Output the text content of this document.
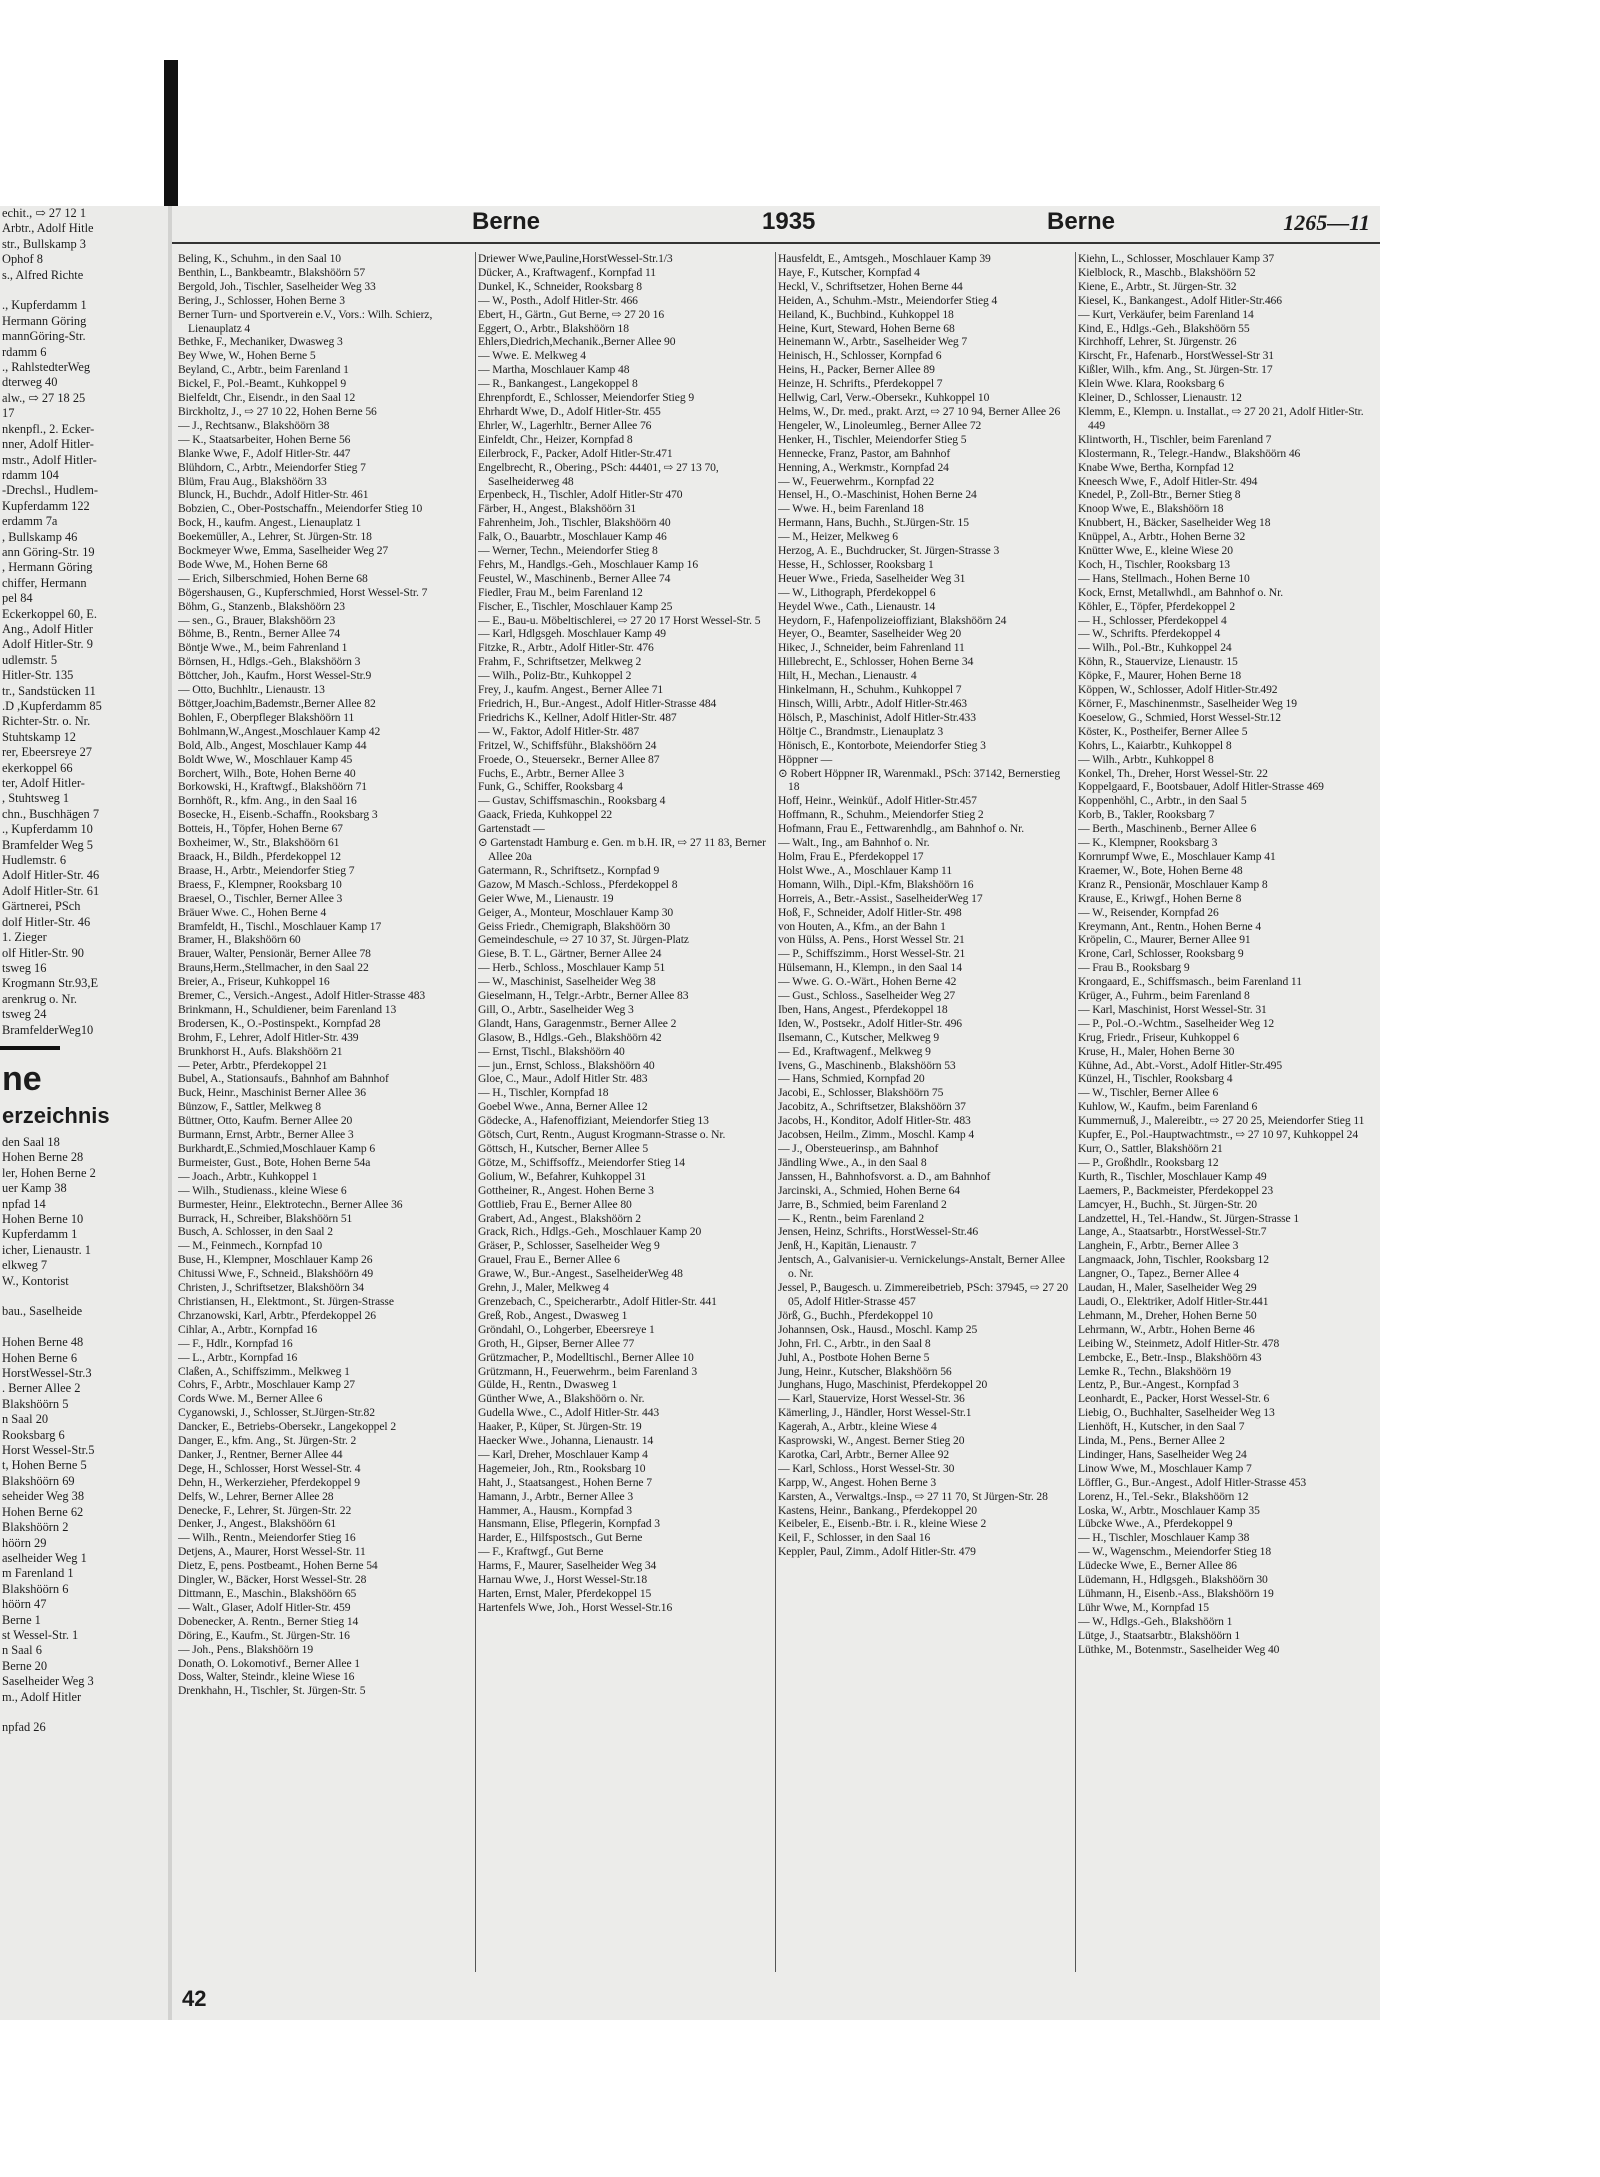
echit., ⇨ 27 12 1
Arbtr., Adolf Hitle
str., Bullskamp 3
Ophof 8
s., Alfred Richte

., Kupferdamm 1
Hermann Göring
mannGöring-Str.
rdamm 6
., RahlstedterWeg
dterweg 40
alw., ⇨ 27 18 25
17
nkenpfl., 2. Ecker-
nner, Adolf Hitler-
mstr., Adolf Hitler-
rdamm 104
-Drechsl., Hudlem-
Kupferdamm 122
erdamm 7a
, Bullskamp 46
ann Göring-Str. 19
, Hermann Göring
chiffer, Hermann
pel 84
Eckerkoppel 60, E.
Ang., Adolf Hitler
Adolf Hitler-Str. 9
udlemstr. 5
Hitler-Str. 135
tr., Sandstücken 11
.D ,Kupferdamm 85
Richter-Str. o. Nr.
Stuhtskamp 12
rer, Ebeersreye 27
ekerkoppel 66
ter, Adolf Hitler-
, Stuhtsweg 1
chn., Buschhägen 7
., Kupferdamm 10
Bramfelder Weg 5
Hudlemstr. 6
Adolf Hitler-Str. 46
Adolf Hitler-Str. 61
Gärtnerei, PSch
dolf Hitler-Str. 46
1. Zieger
olf Hitler-Str. 90
tsweg 16
Krogmann Str.93,E
arenkrug o. Nr.
tsweg 24
BramfelderWeg10
ne
erzeichnis
den Saal 18
Hohen Berne 28
ler, Hohen Berne 2
uer Kamp 38
npfad 14
Hohen Berne 10
Kupferdamm 1
icher, Lienaustr. 1
elkweg 7
W., Kontorist

bau., Saselheide

Hohen Berne 48
Hohen Berne 6
HorstWessel-Str.3
. Berner Allee 2
Blakshöörn 5
n Saal 20
Rooksbarg 6
Horst Wessel-Str.5
t, Hohen Berne 5
Blakshöörn 69
seheider Weg 38
Hohen Berne 62
Blakshöörn 2
höörn 29
aselheider Weg 1
m Farenland 1
Blakshöörn 6
höörn 47
Berne 1
st Wessel-Str. 1
n Saal 6
Berne 20
Saselheider Weg 3
m., Adolf Hitler

npfad 26
Berne	1935	Berne	1265—11
Beling, K., Schuhm., in den Saal 10
Benthin, L., Bankbeamtr., Blakshöörn 57
Bergold, Joh., Tischler, Saselheider Weg 33
Bering, J., Schlosser, Hohen Berne 3
Berner Turn- und Sportverein e.V., Vors.: Wilh. Schierz, Lienauplatz 4
Bethke, F., Mechaniker, Dwasweg 3
Bey Wwe, W., Hohen Berne 5
Beyland, C., Arbtr., beim Farenland 1
Bickel, F., Pol.-Beamt., Kuhkoppel 9
Bielfeldt, Chr., Eisendr., in den Saal 12
Birckholtz, J., ⇨ 27 10 22, Hohen Berne 56
— J., Rechtsanw., Blakshöörn 38
— K., Staatsarbeiter, Hohen Berne 56
Blanke Wwe, F., Adolf Hitler-Str. 447
Blühdorn, C., Arbtr., Meiendorfer Stieg 7
Blüm, Frau Aug., Blakshöörn 33
Blunck, H., Buchdr., Adolf Hitler-Str. 461
Bobzien, C., Ober-Postschaffn., Meiendorfer Stieg 10
Bock, H., kaufm. Angest., Lienauplatz 1
Boekemüller, A., Lehrer, St. Jürgen-Str. 18
Bockmeyer Wwe, Emma, Saselheider Weg 27
Bode Wwe, M., Hohen Berne 68
— Erich, Silberschmied, Hohen Berne 68
Bögershausen, G., Kupferschmied, Horst Wessel-Str. 7
Böhm, G., Stanzenb., Blakshöörn 23
— sen., G., Brauer, Blakshöörn 23
Böhme, B., Rentn., Berner Allee 74
Böntje Wwe., M., beim Fahrenland 1
Börnsen, H., Hdlgs.-Geh., Blakshöörn 3
Böttcher, Joh., Kaufm., Horst Wessel-Str.9
— Otto, Buchhltr., Lienaustr. 13
Böttger,Joachim,Bademstr.,Berner Allee 82
Bohlen, F., Oberpfleger Blakshöörn 11
Bohlmann,W.,Angest.,Moschlauer Kamp 42
Bold, Alb., Angest, Moschlauer Kamp 44
Boldt Wwe, W., Moschlauer Kamp 45
Borchert, Wilh., Bote, Hohen Berne 40
Borkowski, H., Kraftwgf., Blakshöörn 71
Bornhöft, R., kfm. Ang., in den Saal 16
Bosecke, H., Eisenb.-Schaffn., Rooksbarg 3
Botteis, H., Töpfer, Hohen Berne 67
Boxheimer, W., Str., Blakshöörn 61
Braack, H., Bildh., Pferdekoppel 12
Braase, H., Arbtr., Meiendorfer Stieg 7
Braess, F., Klempner, Rooksbarg 10
Braesel, O., Tischler, Berner Allee 3
Bräuer Wwe. C., Hohen Berne 4
Bramfeldt, H., Tischl., Moschlauer Kamp 17
Bramer, H., Blakshöörn 60
Brauer, Walter, Pensionär, Berner Allee 78
Brauns,Herm.,Stellmacher, in den Saal 22
Breier, A., Friseur, Kuhkoppel 16
Bremer, C., Versich.-Angest., Adolf Hitler-Strasse 483
Brinkmann, H., Schuldiener, beim Farenland 13
Brodersen, K., O.-Postinspekt., Kornpfad 28
Brohm, F., Lehrer, Adolf Hitler-Str. 439
Brunkhorst H., Aufs. Blakshöörn 21
— Peter, Arbtr., Pferdekoppel 21
Bubel, A., Stationsaufs., Bahnhof am Bahnhof
Buck, Heinr., Maschinist Berner Allee 36
Bünzow, F., Sattler, Melkweg 8
Büttner, Otto, Kaufm. Berner Allee 20
Burmann, Ernst, Arbtr., Berner Allee 3
Burkhardt,E.,Schmied,Moschlauer Kamp 6
Burmeister, Gust., Bote, Hohen Berne 54a
— Joach., Arbtr., Kuhkoppel 1
— Wilh., Studienass., kleine Wiese 6
Burmester, Heinr., Elektrotechn., Berner Allee 36
Burrack, H., Schreiber, Blakshöörn 51
Busch, A. Schlosser, in den Saal 2
— M., Feinmech., Kornpfad 10
Buse, H., Klempner, Moschlauer Kamp 26
Chitussi Wwe, F., Schneid., Blakshöörn 49
Christen, J., Schriftsetzer, Blakshöörn 34
Christiansen, H., Elektmont., St. Jürgen-Strasse
Chrzanowski, Karl, Arbtr., Pferdekoppel 26
Cihlar, A., Arbtr., Kornpfad 16
— F., Hdlr., Kornpfad 16
— L., Arbtr., Kornpfad 16
Claßen, A., Schiffszimm., Melkweg 1
Cohrs, F., Arbtr., Moschlauer Kamp 27
Cords Wwe. M., Berner Allee 6
Cyganowski, J., Schlosser, St.Jürgen-Str.82
Dancker, E., Betriebs-Obersekr., Langekoppel 2
Danger, E., kfm. Ang., St. Jürgen-Str. 2
Danker, J., Rentner, Berner Allee 44
Dege, H., Schlosser, Horst Wessel-Str. 4
Dehn, H., Werkerzieher, Pferdekoppel 9
Delfs, W., Lehrer, Berner Allee 28
Denecke, F., Lehrer, St. Jürgen-Str. 22
Denker, J., Angest., Blakshöörn 61
— Wilh., Rentn., Meiendorfer Stieg 16
Detjens, A., Maurer, Horst Wessel-Str. 11
Dietz, E, pens. Postbeamt., Hohen Berne 54
Dingler, W., Bäcker, Horst Wessel-Str. 28
Dittmann, E., Maschin., Blakshöörn 65
— Walt., Glaser, Adolf Hitler-Str. 459
Dobenecker, A. Rentn., Berner Stieg 14
Döring, E., Kaufm., St. Jürgen-Str. 16
— Joh., Pens., Blakshöörn 19
Donath, O. Lokomotivf., Berner Allee 1
Doss, Walter, Steindr., kleine Wiese 16
Drenkhahn, H., Tischler, St. Jürgen-Str. 5
Driewer Wwe,Pauline,HorstWessel-Str.1/3
Dücker, A., Kraftwagenf., Kornpfad 11
Dunkel, K., Schneider, Rooksbarg 8
— W., Posth., Adolf Hitler-Str. 466
Ebert, H., Gärtn., Gut Berne, ⇨ 27 20 16
Eggert, O., Arbtr., Blakshöörn 18
Ehlers,Diedrich,Mechanik.,Berner Allee 90
— Wwe. E. Melkweg 4
— Martha, Moschlauer Kamp 48
— R., Bankangest., Langekoppel 8
Ehrenpfordt, E., Schlosser, Meiendorfer Stieg 9
Ehrhardt Wwe, D., Adolf Hitler-Str. 455
Ehrler, W., Lagerhltr., Berner Allee 76
Einfeldt, Chr., Heizer, Kornpfad 8
Eilerbrock, F., Packer, Adolf Hitler-Str.471
Engelbrecht, R., Obering., PSch: 44401, ⇨ 27 13 70, Saselheiderweg 48
Erpenbeck, H., Tischler, Adolf Hitler-Str 470
Färber, H., Angest., Blakshöörn 31
Fahrenheim, Joh., Tischler, Blakshöörn 40
Falk, O., Bauarbtr., Moschlauer Kamp 46
— Werner, Techn., Meiendorfer Stieg 8
Fehrs, M., Handlgs.-Geh., Moschlauer Kamp 16
Feustel, W., Maschinenb., Berner Allee 74
Fiedler, Frau M., beim Farenland 12
Fischer, E., Tischler, Moschlauer Kamp 25
— E., Bau-u. Möbeltischlerei, ⇨ 27 20 17 Horst Wessel-Str. 5
— Karl, Hdlgsgeh. Moschlauer Kamp 49
Fitzke, R., Arbtr., Adolf Hitler-Str. 476
Frahm, F., Schriftsetzer, Melkweg 2
— Wilh., Poliz-Btr., Kuhkoppel 2
Frey, J., kaufm. Angest., Berner Allee 71
Friedrich, H., Bur.-Angest., Adolf Hitler-Strasse 484
Friedrichs K., Kellner, Adolf Hitler-Str. 487
— W., Faktor, Adolf Hitler-Str. 487
Fritzel, W., Schiffsführ., Blakshöörn 24
Froede, O., Steuersekr., Berner Allee 87
Fuchs, E., Arbtr., Berner Allee 3
Funk, G., Schiffer, Rooksbarg 4
— Gustav, Schiffsmaschin., Rooksbarg 4
Gaack, Frieda, Kuhkoppel 22
Gartenstadt —
⊙ Gartenstadt Hamburg e. Gen. m b.H. IR, ⇨ 27 11 83, Berner Allee 20a
Gatermann, R., Schriftsetz., Kornpfad 9
Gazow, M Masch.-Schloss., Pferdekoppel 8
Geier Wwe, M., Lienaustr. 19
Geiger, A., Monteur, Moschlauer Kamp 30
Geiss Friedr., Chemigraph, Blakshöörn 30
Gemeindeschule, ⇨ 27 10 37, St. Jürgen-Platz
Giese, B. T. L., Gärtner, Berner Allee 24
— Herb., Schloss., Moschlauer Kamp 51
— W., Maschinist, Saselheider Weg 38
Gieselmann, H., Telgr.-Arbtr., Berner Allee 83
Gill, O., Arbtr., Saselheider Weg 3
Glandt, Hans, Garagenmstr., Berner Allee 2
Glasow, B., Hdlgs.-Geh., Blakshöörn 42
— Ernst, Tischl., Blakshöörn 40
— jun., Ernst, Schloss., Blakshöörn 40
Gloe, C., Maur., Adolf Hitler Str. 483
— H., Tischler, Kornpfad 18
Goebel Wwe., Anna, Berner Allee 12
Gödecke, A., Hafenoffiziant, Meiendorfer Stieg 13
Götsch, Curt, Rentn., August Krogmann-Strasse o. Nr.
Göttsch, H., Kutscher, Berner Allee 5
Götze, M., Schiffsoffz., Meiendorfer Stieg 14
Golium, W., Befahrer, Kuhkoppel 31
Gottheiner, R., Angest. Hohen Berne 3
Gottlieb, Frau E., Berner Allee 80
Grabert, Ad., Angest., Blakshöörn 2
Grack, Rich., Hdlgs.-Geh., Moschlauer Kamp 20
Gräser, P., Schlosser, Saselheider Weg 9
Grauel, Frau E., Berner Allee 6
Grawe, W., Bur.-Angest., SaselheiderWeg 48
Grehn, J., Maler, Melkweg 4
Grenzebach, C., Speicherarbtr., Adolf Hitler-Str. 441
Greß, Rob., Angest., Dwasweg 1
Gröndahl, O., Lohgerber, Ebeersreye 1
Groth, H., Gipser, Berner Allee 77
Grützmacher, P., Modelltischl., Berner Allee 10
Grützmann, H., Feuerwehrm., beim Farenland 3
Gülde, H., Rentn., Dwasweg 1
Günther Wwe, A., Blakshöörn o. Nr.
Gudella Wwe., C., Adolf Hitler-Str. 443
Haaker, P., Küper, St. Jürgen-Str. 19
Haecker Wwe., Johanna, Lienaustr. 14
— Karl, Dreher, Moschlauer Kamp 4
Hagemeier, Joh., Rtn., Rooksbarg 10
Haht, J., Staatsangest., Hohen Berne 7
Hamann, J., Arbtr., Berner Allee 3
Hammer, A., Hausm., Kornpfad 3
Hansmann, Elise, Pflegerin, Kornpfad 3
Harder, E., Hilfspostsch., Gut Berne
— F., Kraftwgf., Gut Berne
Harms, F., Maurer, Saselheider Weg 34
Harnau Wwe, J., Horst Wessel-Str.18
Harten, Ernst, Maler, Pferdekoppel 15
Hartenfels Wwe, Joh., Horst Wessel-Str.16
Hausfeldt, E., Amtsgeh., Moschlauer Kamp 39
Haye, F., Kutscher, Kornpfad 4
Heckl, V., Schriftsetzer, Hohen Berne 44
Heiden, A., Schuhm.-Mstr., Meiendorfer Stieg 4
Heiland, K., Buchbind., Kuhkoppel 18
Heine, Kurt, Steward, Hohen Berne 68
Heinemann W., Arbtr., Saselheider Weg 7
Heinisch, H., Schlosser, Kornpfad 6
Heins, H., Packer, Berner Allee 89
Heinze, H. Schrifts., Pferdekoppel 7
Hellwig, Carl, Verw.-Obersekr., Kuhkoppel 10
Helms, W., Dr. med., prakt. Arzt, ⇨ 27 10 94, Berner Allee 26
Hengeler, W., Linoleumleg., Berner Allee 72
Henker, H., Tischler, Meiendorfer Stieg 5
Hennecke, Franz, Pastor, am Bahnhof
Henning, A., Werkmstr., Kornpfad 24
— W., Feuerwehrm., Kornpfad 22
Hensel, H., O.-Maschinist, Hohen Berne 24
— Wwe. H., beim Farenland 18
Hermann, Hans, Buchh., St.Jürgen-Str. 15
— M., Heizer, Melkweg 6
Herzog, A. E., Buchdrucker, St. Jürgen-Strasse 3
Hesse, H., Schlosser, Rooksbarg 1
Heuer Wwe., Frieda, Saselheider Weg 31
— W., Lithograph, Pferdekoppel 6
Heydel Wwe., Cath., Lienaustr. 14
Heydorn, F., Hafenpolizeioffiziant, Blakshöörn 24
Heyer, O., Beamter, Saselheider Weg 20
Hikec, J., Schneider, beim Fahrenland 11
Hillebrecht, E., Schlosser, Hohen Berne 34
Hilt, H., Mechan., Lienaustr. 4
Hinkelmann, H., Schuhm., Kuhkoppel 7
Hinsch, Willi, Arbtr., Adolf Hitler-Str.463
Hölsch, P., Maschinist, Adolf Hitler-Str.433
Höltje C., Brandmstr., Lienauplatz 3
Hönisch, E., Kontorbote, Meiendorfer Stieg 3
Höppner —
⊙ Robert Höppner IR, Warenmakl., PSch: 37142, Bernerstieg 18
Hoff, Heinr., Weinküf., Adolf Hitler-Str.457
Hoffmann, R., Schuhm., Meiendorfer Stieg 2
Hofmann, Frau E., Fettwarenhdlg., am Bahnhof o. Nr.
— Walt., Ing., am Bahnhof o. Nr.
Holm, Frau E., Pferdekoppel 17
Holst Wwe., A., Moschlauer Kamp 11
Homann, Wilh., Dipl.-Kfm, Blakshöörn 16
Horreis, A., Betr.-Assist., SaselheiderWeg 17
Hoß, F., Schneider, Adolf Hitler-Str. 498
von Houten, A., Kfm., an der Bahn 1
von Hülss, A. Pens., Horst Wessel Str. 21
— P., Schiffszimm., Horst Wessel-Str. 21
Hülsemann, H., Klempn., in den Saal 14
— Wwe. G. O.-Wärt., Hohen Berne 42
— Gust., Schloss., Saselheider Weg 27
Iben, Hans, Angest., Pferdekoppel 18
Iden, W., Postsekr., Adolf Hitler-Str. 496
Ilsemann, C., Kutscher, Melkweg 9
— Ed., Kraftwagenf., Melkweg 9
Ivens, G., Maschinenb., Blakshöörn 53
— Hans, Schmied, Kornpfad 20
Jacobi, E., Schlosser, Blakshöörn 75
Jacobitz, A., Schriftsetzer, Blakshöörn 37
Jacobs, H., Konditor, Adolf Hitler-Str. 483
Jacobsen, Heilm., Zimm., Moschl. Kamp 4
— J., Obersteuerinsp., am Bahnhof
Jändling Wwe., A., in den Saal 8
Janssen, H., Bahnhofsvorst. a. D., am Bahnhof
Jarcinski, A., Schmied, Hohen Berne 64
Jarre, B., Schmied, beim Farenland 2
— K., Rentn., beim Farenland 2
Jensen, Heinz, Schrifts., HorstWessel-Str.46
Jenß, H., Kapitän, Lienaustr. 7
Jentsch, A., Galvanisier-u. Vernickelungs-Anstalt, Berner Allee o. Nr.
Jessel, P., Baugesch. u. Zimmereibetrieb, PSch: 37945, ⇨ 27 20 05, Adolf Hitler-Strasse 457
Jörß, G., Buchh., Pferdekoppel 10
Johannsen, Osk., Hausd., Moschl. Kamp 25
John, Frl. C., Arbtr., in den Saal 8
Juhl, A., Postbote Hohen Berne 5
Jung, Heinr., Kutscher, Blakshöörn 56
Junghans, Hugo, Maschinist, Pferdekoppel 20
— Karl, Stauervize, Horst Wessel-Str. 36
Kämerling, J., Händler, Horst Wessel-Str.1
Kagerah, A., Arbtr., kleine Wiese 4
Kasprowski, W., Angest. Berner Stieg 20
Karotka, Carl, Arbtr., Berner Allee 92
— Karl, Schloss., Horst Wessel-Str. 30
Karpp, W., Angest. Hohen Berne 3
Karsten, A., Verwaltgs.-Insp., ⇨ 27 11 70, St Jürgen-Str. 28
Kastens, Heinr., Bankang., Pferdekoppel 20
Keibeler, E., Eisenb.-Btr. i. R., kleine Wiese 2
Keil, F., Schlosser, in den Saal 16
Keppler, Paul, Zimm., Adolf Hitler-Str. 479
Kiehn, L., Schlosser, Moschlauer Kamp 37
Kielblock, R., Maschb., Blakshöörn 52
Kiene, E., Arbtr., St. Jürgen-Str. 32
Kiesel, K., Bankangest., Adolf Hitler-Str.466
— Kurt, Verkäufer, beim Farenland 14
Kind, E., Hdlgs.-Geh., Blakshöörn 55
Kirchhoff, Lehrer, St. Jürgenstr. 26
Kirscht, Fr., Hafenarb., HorstWessel-Str 31
Kißler, Wilh., kfm. Ang., St. Jürgen-Str. 17
Klein Wwe. Klara, Rooksbarg 6
Kleiner, D., Schlosser, Lienaustr. 12
Klemm, E., Klempn. u. Installat., ⇨ 27 20 21, Adolf Hitler-Str. 449
Klintworth, H., Tischler, beim Farenland 7
Klostermann, R., Telegr.-Handw., Blakshöörn 46
Knabe Wwe, Bertha, Kornpfad 12
Kneesch Wwe, F., Adolf Hitler-Str. 494
Knedel, P., Zoll-Btr., Berner Stieg 8
Knoop Wwe, E., Blakshöörn 18
Knubbert, H., Bäcker, Saselheider Weg 18
Knüppel, A., Arbtr., Hohen Berne 32
Knütter Wwe, E., kleine Wiese 20
Koch, H., Tischler, Rooksbarg 13
— Hans, Stellmach., Hohen Berne 10
Kock, Ernst, Metallwhdl., am Bahnhof o. Nr.
Köhler, E., Töpfer, Pferdekoppel 2
— H., Schlosser, Pferdekoppel 4
— W., Schrifts. Pferdekoppel 4
— Wilh., Pol.-Btr., Kuhkoppel 24
Köhn, R., Stauervize, Lienaustr. 15
Köpke, F., Maurer, Hohen Berne 18
Köppen, W., Schlosser, Adolf Hitler-Str.492
Körner, F., Maschinenmstr., Saselheider Weg 19
Koeselow, G., Schmied, Horst Wessel-Str.12
Köster, K., Postheifer, Berner Allee 5
Kohrs, L., Kaiarbtr., Kuhkoppel 8
— Wilh., Arbtr., Kuhkoppel 8
Konkel, Th., Dreher, Horst Wessel-Str. 22
Koppelgaard, F., Bootsbauer, Adolf Hitler-Strasse 469
Koppenhöhl, C., Arbtr., in den Saal 5
Korb, B., Takler, Rooksbarg 7
— Berth., Maschinenb., Berner Allee 6
— K., Klempner, Rooksbarg 3
Kornrumpf Wwe, E., Moschlauer Kamp 41
Kraemer, W., Bote, Hohen Berne 48
Kranz R., Pensionär, Moschlauer Kamp 8
Krause, E., Kriwgf., Hohen Berne 8
— W., Reisender, Kornpfad 26
Kreymann, Ant., Rentn., Hohen Berne 4
Kröpelin, C., Maurer, Berner Allee 91
Krone, Carl, Schlosser, Rooksbarg 9
— Frau B., Rooksbarg 9
Krongaard, E., Schiffsmasch., beim Farenland 11
Krüger, A., Fuhrm., beim Farenland 8
— Karl, Maschinist, Horst Wessel-Str. 31
— P., Pol.-O.-Wchtm., Saselheider Weg 12
Krug, Friedr., Friseur, Kuhkoppel 6
Kruse, H., Maler, Hohen Berne 30
Kühne, Ad., Abt.-Vorst., Adolf Hitler-Str.495
Künzel, H., Tischler, Rooksbarg 4
— W., Tischler, Berner Allee 6
Kuhlow, W., Kaufm., beim Farenland 6
Kummernuß, J., Malereibtr., ⇨ 27 20 25, Meiendorfer Stieg 11
Kupfer, E., Pol.-Hauptwachtmstr., ⇨ 27 10 97, Kuhkoppel 24
Kurr, O., Sattler, Blakshöörn 21
— P., Großhdlr., Rooksbarg 12
Kurth, R., Tischler, Moschlauer Kamp 49
Laemers, P., Backmeister, Pferdekoppel 23
Lamcyer, H., Buchh., St. Jürgen-Str. 20
Landzettel, H., Tel.-Handw., St. Jürgen-Strasse 1
Lange, A., Staatsarbtr., HorstWessel-Str.7
Langhein, F., Arbtr., Berner Allee 3
Langmaack, John, Tischler, Rooksbarg 12
Langner, O., Tapez., Berner Allee 4
Laudan, H., Maler, Saselheider Weg 29
Laudi, O., Elektriker, Adolf Hitler-Str.441
Lehmann, M., Dreher, Hohen Berne 50
Lehrmann, W., Arbtr., Hohen Berne 46
Leibing W., Steinmetz, Adolf Hitler-Str. 478
Lembcke, E., Betr.-Insp., Blakshöörn 43
Lemke R., Techn., Blakshöörn 19
Lentz, P., Bur.-Angest., Kornpfad 3
Leonhardt, E., Packer, Horst Wessel-Str. 6
Liebig, O., Buchhalter, Saselheider Weg 13
Lienhöft, H., Kutscher, in den Saal 7
Linda, M., Pens., Berner Allee 2
Lindinger, Hans, Saselheider Weg 24
Linow Wwe, M., Moschlauer Kamp 7
Löffler, G., Bur.-Angest., Adolf Hitler-Strasse 453
Lorenz, H., Tel.-Sekr., Blakshöörn 12
Loska, W., Arbtr., Moschlauer Kamp 35
Lübcke Wwe., A., Pferdekoppel 9
— H., Tischler, Moschlauer Kamp 38
— W., Wagenschm., Meiendorfer Stieg 18
Lüdecke Wwe, E., Berner Allee 86
Lüdemann, H., Hdlgsgeh., Blakshöörn 30
Lühmann, H., Eisenb.-Ass., Blakshöörn 19
Lühr Wwe, M., Kornpfad 15
— W., Hdlgs.-Geh., Blakshöörn 1
Lütge, J., Staatsarbtr., Blakshöörn 1
Lüthke, M., Botenmstr., Saselheider Weg 40
42
